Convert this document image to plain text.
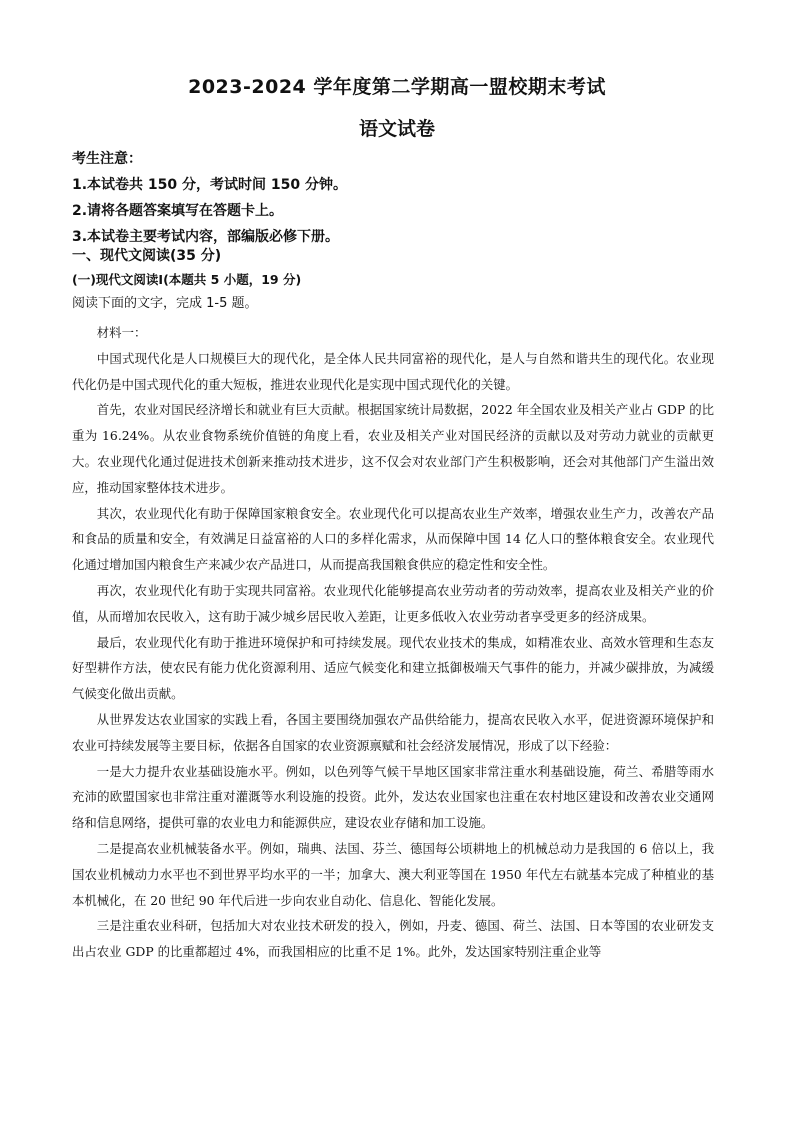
2023-2024 学年度第二学期高一盟校期末考试
语文试卷
考生注意：
1.本试卷共 150 分，考试时间 150 分钟。
2.请将各题答案填写在答题卡上。
3.本试卷主要考试内容，部编版必修下册。
一、现代文阅读(35 分)
(一)现代文阅读Ⅰ(本题共 5 小题，19 分)
阅读下面的文字，完成 1-5 题。

材料一：

中国式现代化是人口规模巨大的现代化，是全体人民共同富裕的现代化，是人与自然和谐共生的现代化。农业现代化仍是中国式现代化的重大短板，推进农业现代化是实现中国式现代化的关键。

首先，农业对国民经济增长和就业有巨大贡献。根据国家统计局数据，2022 年全国农业及相关产业占 GDP 的比重为 16.24%。从农业食物系统价值链的角度上看，农业及相关产业对国民经济的贡献以及对劳动力就业的贡献更大。农业现代化通过促进技术创新来推动技术进步，这不仅会对农业部门产生积极影响，还会对其他部门产生溢出效应，推动国家整体技术进步。

其次，农业现代化有助于保障国家粮食安全。农业现代化可以提高农业生产效率，增强农业生产力，改善农产品和食品的质量和安全，有效满足日益富裕的人口的多样化需求，从而保障中国 14 亿人口的整体粮食安全。农业现代化通过增加国内粮食生产来减少农产品进口，从而提高我国粮食供应的稳定性和安全性。

再次，农业现代化有助于实现共同富裕。农业现代化能够提高农业劳动者的劳动效率，提高农业及相关产业的价值，从而增加农民收入，这有助于减少城乡居民收入差距，让更多低收入农业劳动者享受更多的经济成果。

最后，农业现代化有助于推进环境保护和可持续发展。现代农业技术的集成，如精准农业、高效水管理和生态友好型耕作方法，使农民有能力优化资源利用、适应气候变化和建立抵御极端天气事件的能力，并减少碳排放，为减缓气候变化做出贡献。

从世界发达农业国家的实践上看，各国主要围绕加强农产品供给能力，提高农民收入水平，促进资源环境保护和农业可持续发展等主要目标，依据各自国家的农业资源禀赋和社会经济发展情况，形成了以下经验：

一是大力提升农业基础设施水平。例如，以色列等气候干旱地区国家非常注重水利基础设施，荷兰、希腊等雨水充沛的欧盟国家也非常注重对灌溉等水利设施的投资。此外，发达农业国家也注重在农村地区建设和改善农业交通网络和信息网络，提供可靠的农业电力和能源供应，建设农业存储和加工设施。

二是提高农业机械装备水平。例如，瑞典、法国、芬兰、德国每公顷耕地上的机械总动力是我国的 6 倍以上，我国农业机械动力水平也不到世界平均水平的一半；加拿大、澳大利亚等国在 1950 年代左右就基本完成了种植业的基本机械化，在 20 世纪 90 年代后进一步向农业自动化、信息化、智能化发展。

三是注重农业科研，包括加大对农业技术研发的投入，例如，丹麦、德国、荷兰、法国、日本等国的农业研发支出占农业 GDP 的比重都超过 4%，而我国相应的比重不足 1%。此外，发达国家特别注重企业等
